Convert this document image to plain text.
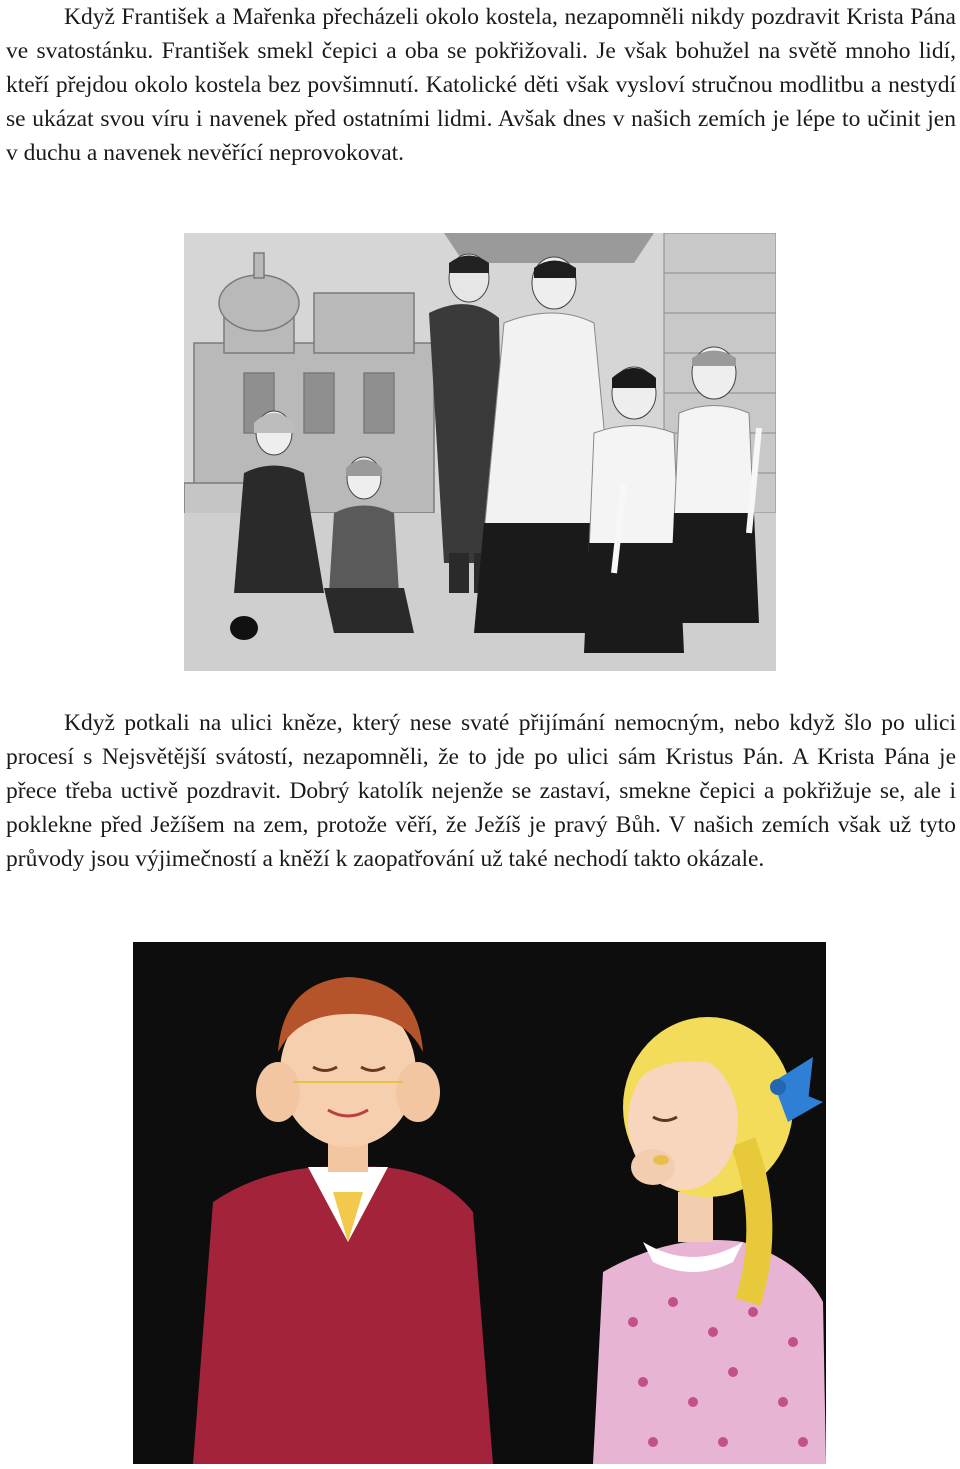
Když František a Mařenka přecházeli okolo kostela, nezapomněli nikdy pozdravit Krista Pána ve svatostánku. František smekl čepici a oba se pokřižovali. Je však bohužel na světě mnoho lidí, kteří přejdou okolo kostela bez povšimnutí. Katolické děti však vysloví stručnou modlitbu a nestydí se ukázat svou víru i navenek před ostatními lidmi. Avšak dnes v našich zemích je lépe to učinit jen v duchu a navenek nevěřící neprovokovat.

Když potkali na ulici kněze, který nese svaté přijímání nemocným, nebo když šlo po ulici procesí s Nejsvětější svátostí, nezapomněli, že to jde po ulici sám Kristus Pán. A Krista Pána je přece třeba uctivě pozdravit. Dobrý katolík nejenže se zastaví, smekne čepici a pokřižuje se, ale i poklekne před Ježíšem na zem, protože věří, že Ježíš je pravý Bůh. V našich zemích však už tyto průvody jsou výjimečností a kněží k zaopatřování už také nechodí takto okázale.
